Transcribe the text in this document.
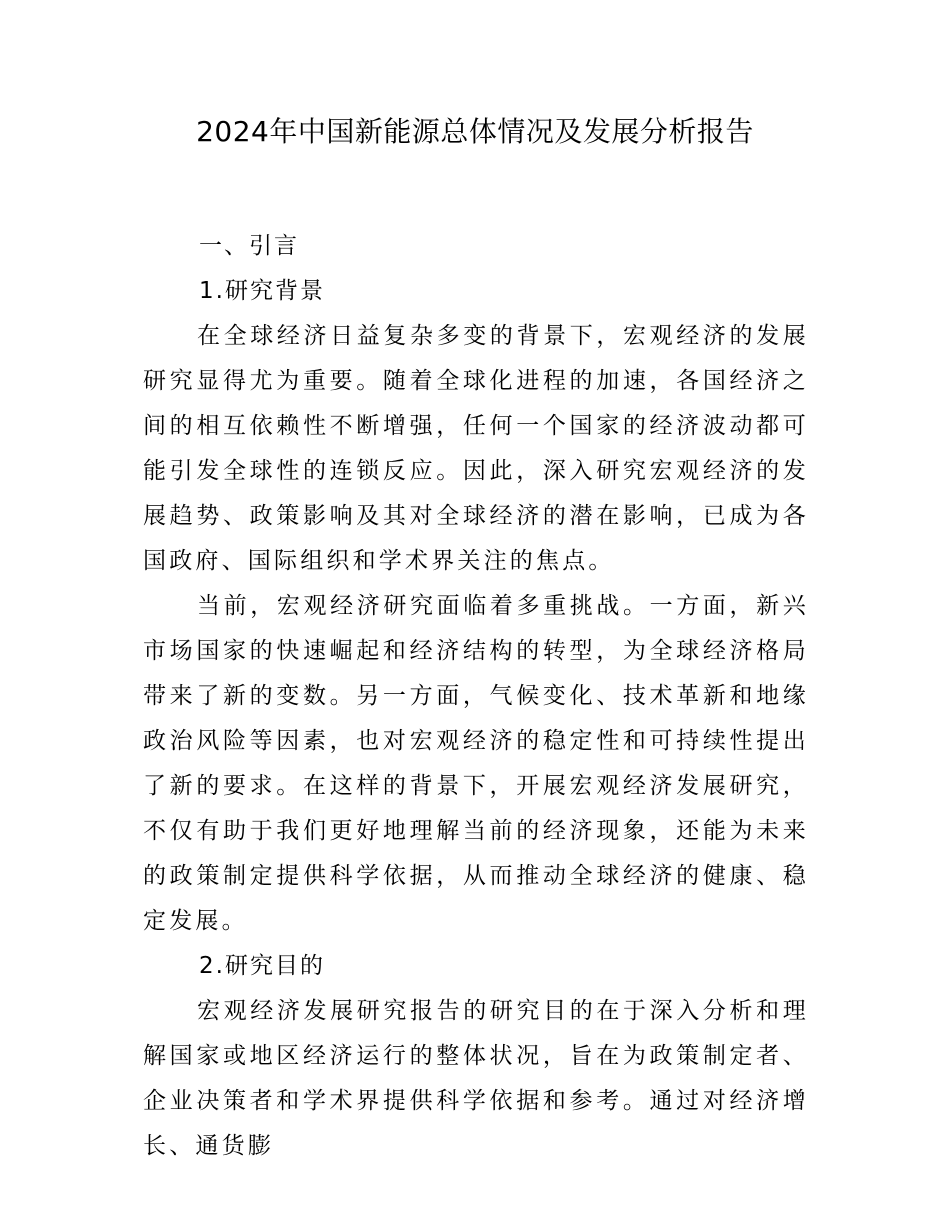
2024年中国新能源总体情况及发展分析报告

一、引言

1.研究背景

在全球经济日益复杂多变的背景下，宏观经济的发展研究显得尤为重要。随着全球化进程的加速，各国经济之间的相互依赖性不断增强，任何一个国家的经济波动都可能引发全球性的连锁反应。因此，深入研究宏观经济的发展趋势、政策影响及其对全球经济的潜在影响，已成为各国政府、国际组织和学术界关注的焦点。

当前，宏观经济研究面临着多重挑战。一方面，新兴市场国家的快速崛起和经济结构的转型，为全球经济格局带来了新的变数。另一方面，气候变化、技术革新和地缘政治风险等因素，也对宏观经济的稳定性和可持续性提出了新的要求。在这样的背景下，开展宏观经济发展研究，不仅有助于我们更好地理解当前的经济现象，还能为未来的政策制定提供科学依据，从而推动全球经济的健康、稳定发展。

2.研究目的

宏观经济发展研究报告的研究目的在于深入分析和理解国家或地区经济运行的整体状况，旨在为政策制定者、企业决策者和学术界提供科学依据和参考。通过对经济增长、通货膨
